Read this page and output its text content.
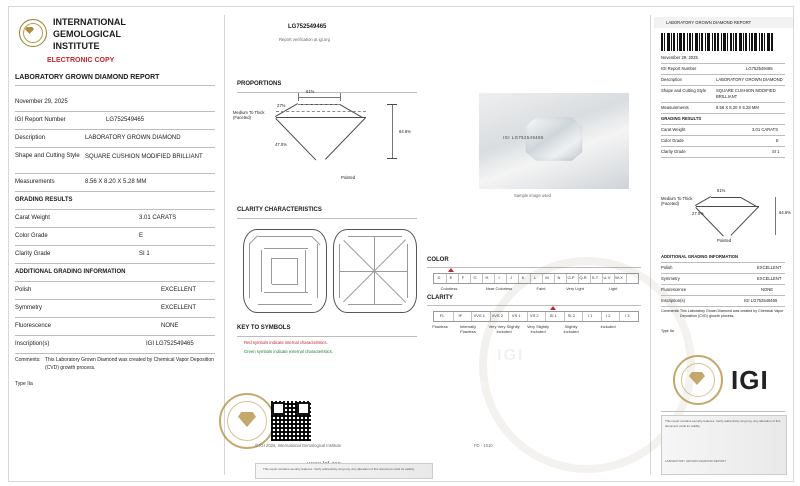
INTERNATIONAL
GEMOLOGICAL
INSTITUTE
ELECTRONIC COPY
LABORATORY GROWN DIAMOND REPORT
LG752549465
Report verification at igi.org
LABORATORY GROWN DIAMOND REPORT
November 29, 2025
IGI Report Number	LG752549465
Description	LABORATORY GROWN DIAMOND
Shape and Cutting Style SQUARE CUSHION MODIFIED BRILLIANT
Measurements	8.56 X 8.20 X 5.28 MM
GRADING RESULTS
Carat Weight	3.01 CARATS
Color Grade	E
Clarity Grade	SI 1
ADDITIONAL GRADING INFORMATION
Polish	EXCELLENT
Symmetry	EXCELLENT
Fluorescence	NONE
Inscription(s)	IGI LG752549465
Comments: This Laboratory Grown Diamond was created by Chemical Vapor Deposition (CVD) growth process.
Type IIa
PROPORTIONS
61%
27%
47.0%
Medium To Thick (Faceted)
64.6%
Pointed
IGI LG752549465
Sample image used
CLARITY CHARACTERISTICS
KEY TO SYMBOLS
Red symbols indicate internal characteristics.
Green symbols indicate external characteristics.
COLOR
D	E	F	G	H	I	J	K	L	M	N	O-P	Q-R	S-T	U-V	W-X
Colorless	Near Colorless	Faint	Very Light	Light
CLARITY
FL	IF	VVS 1	VVS 2	VS 1	VS 2	SI 1	SI 2	I 1	I 2	I 3
Flawless	Internally Flawless
Very Very Slightly Included
Very Slightly Included
Slightly Included
Included
IGI
© IGI 2025, International Gemological Institute	FD - 1010
This report contains security features. Verify authenticity at igi.org. Any alteration of this document voids its validity.
November 29, 2025
IGI Report Number	LG752549465
Description	LABORATORY GROWN DIAMOND
Shape and Cutting Style SQUARE CUSHION MODIFIED BRILLIANT
Measurements	8.56 X 8.20 X 5.28 MM
GRADING RESULTS
Carat Weight	3.01 CARATS
Color Grade	E
Clarity Grade	SI 1
61%
64.6%
Medium To Thick (Faceted)
27.0%
Pointed
ADDITIONAL GRADING INFORMATION
Polish	EXCELLENT
Symmetry	EXCELLENT
Fluorescence	NONE
Inscription(s)	IGI LG752549465
Comments: This Laboratory Grown Diamond was created by Chemical Vapor Deposition (CVD) growth process.
Type IIa
IGI
This report contains security features. Verify authenticity at igi.org. Any alteration of this document voids its validity.
LABORATORY GROWN DIAMOND REPORT
